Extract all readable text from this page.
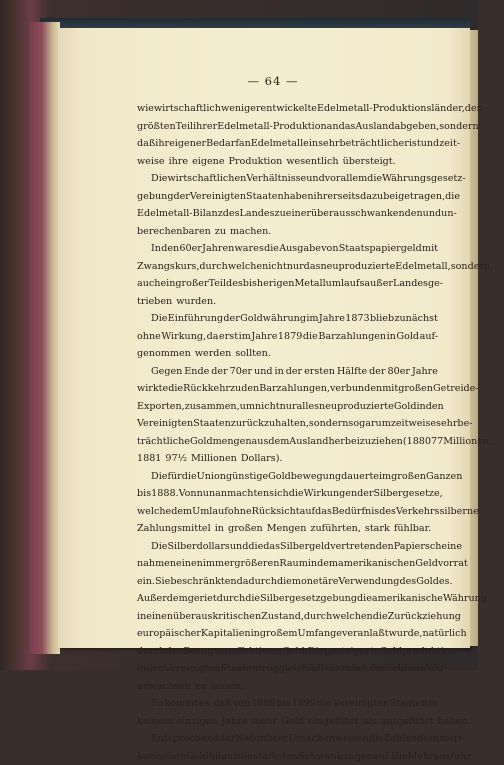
— 64 —
wie wirtschaftlich weniger entwickelte Edelmetall-Produktionsländer, den
größten Teil ihrer Edelmetall-Produktion an das Ausland abgeben, sondern
daß ihr eigener Bedarf an Edelmetall ein sehr beträchtlicher ist und zeit-
weise ihre eigene Produktion wesentlich übersteigt.
Die wirtschaftlichen Verhältnisse und vor allem die Währungsgesetz-
gebung der Vereinigten Staaten haben ihrerseits dazu beigetragen, die
Edelmetall-Bilanz des Landes zu einer überaus schwankenden und un-
berechenbaren zu machen.
In den 60er Jahren war es die Ausgabe von Staatspapiergeld mit
Zwangskurs, durch welche nicht nur das neuproduzierte Edelmetall, sondern
auch ein großer Teil des bisherigen Metallumlaufs außer Landes ge-
trieben wurden.
Die Einführung der Goldwährung im Jahre 1873 blieb zunächst
ohne Wirkung, da erst im Jahre 1879 die Barzahlungen in Gold auf-
genommen werden sollten.
Gegen Ende der 70er und in der ersten Hälfte der 80er Jahre
wirkte die Rückkehr zu den Barzahlungen, verbunden mit großen Getreide-
Exporten, zusammen, um nicht nur alles neuproduzierte Gold in den
Vereinigten Staaten zurückzuhalten, sondern sogar um zeitweise sehr be-
trächtliche Goldmengen aus dem Ausland herbeizuziehen (1880 77 Millionen,
1881 97½ Millionen Dollars).
Die für die Union günstige Goldbewegung dauerte im großen Ganzen
bis 1888. Von nun an machten sich die Wirkungen der Silbergesetze,
welche dem Umlauf ohne Rücksicht auf das Bedürfnis des Verkehrs silberne
Zahlungsmittel in großen Mengen zuführten, stark fühlbar.
Die Silberdollars und die das Silbergeld vertretenden Papierscheine
nahmen einen immer größeren Raum in dem amerikanischen Geldvorrat
ein. Sie beschränkten dadurch die monetäre Verwendung des Goldes.
Außerdem geriet durch die Silbergesetzgebung die amerikanische Währung
in einen überaus kritischen Zustand, durch welchen die Zurückziehung
europäischer Kapitalien in großem Umfange veranlaßt wurde, natürlich
durch den Bezug von effektivem Gold. Die gesteigerte Goldproduktion
in den Vereinigten Staaten trug gleichfalls dazu bei, die Goldausfuhr
anwachsen zu lassen.
So kommt es, daß von 1889 bis 1895 die Vereinigten Staaten in
keinem einzigen Jahre mehr Gold eingeführt als ausgeführt haben.
Entsprechend der Natur ihrer Ursachen weisen die Zahlen der ameri-
kanischen Goldbilanz die stärksten Schwankungen auf. Die Mehrausfuhr
